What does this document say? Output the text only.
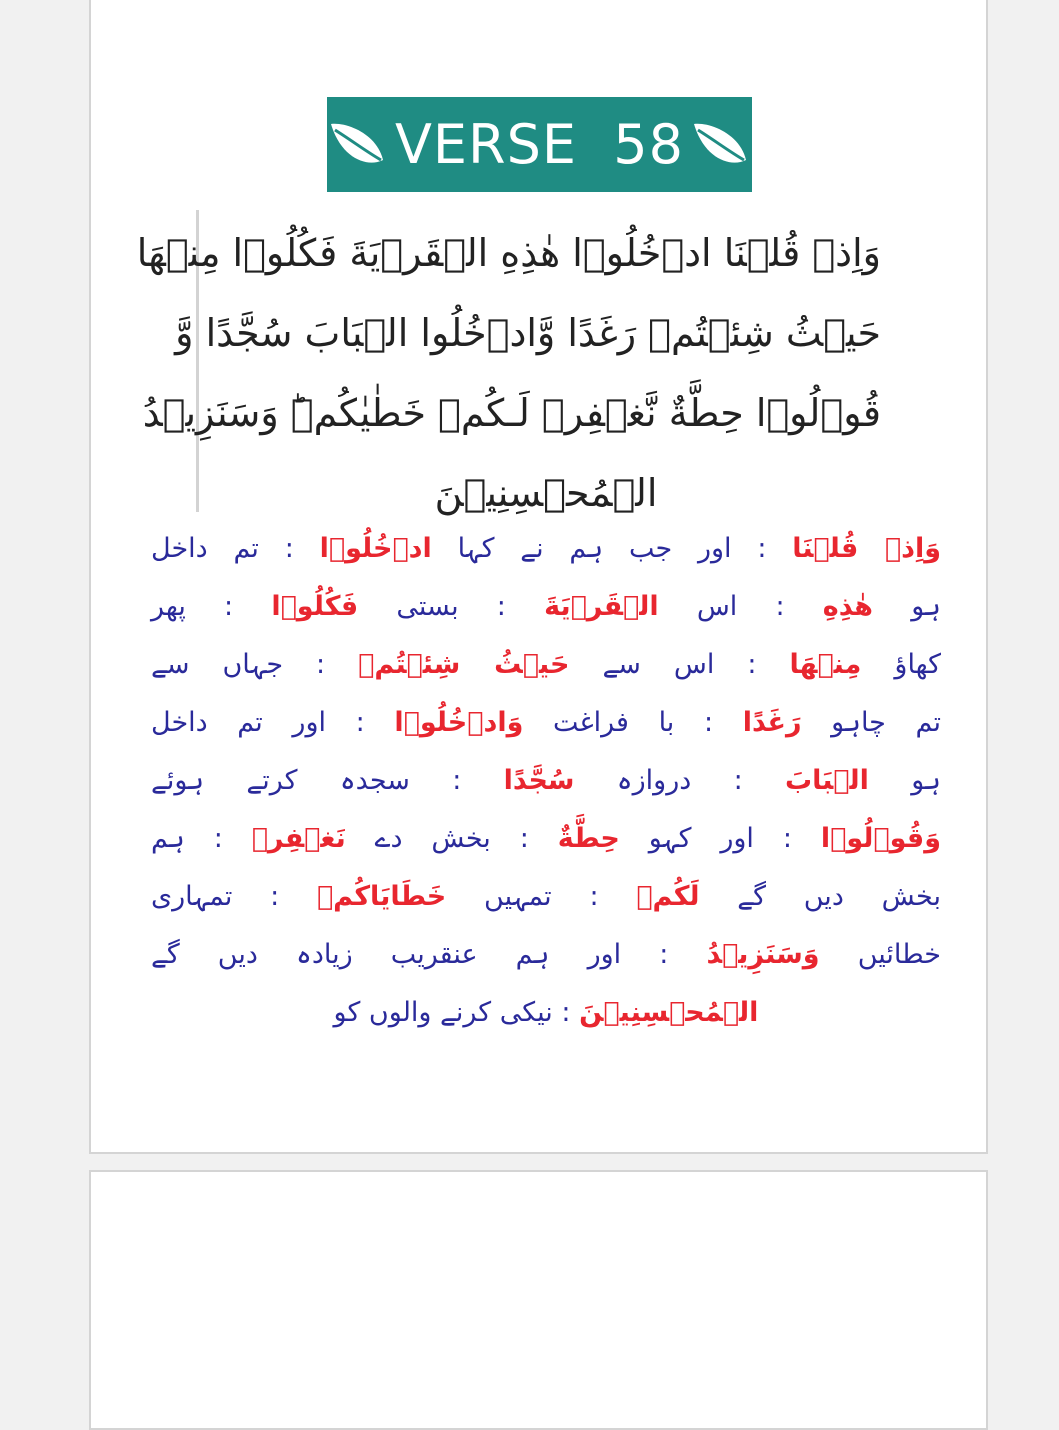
VERSE  58
وَاِذۡ قُلۡنَا ادۡخُلُوۡا هٰذِهِ الۡقَرۡيَةَ فَكُلُوۡا مِنۡهَا
حَيۡثُ شِئۡتُمۡ رَغَدًا وَّادۡخُلُوا الۡبَابَ سُجَّدًا وَّ
قُوۡلُوۡا حِطَّةٌ نَّغۡفِرۡ لَـكُمۡ خَطٰيٰكُمۡ‌ؕ وَسَنَزِيۡدُ
الۡمُحۡسِنِيۡنَ
وَاِذۡ قُلۡنَا : اور جب ہم نے کہا ادۡخُلُوۡا : تم داخل
ہو هٰذِهِ : اس الۡقَرۡيَةَ : بستی فَكُلُوۡا : پھر
کھاؤ مِنۡهَا : اس سے حَيۡثُ شِئۡتُمۡ : جہاں سے
تم چاہو رَغَدًا : با فراغت وَادۡخُلُوۡا : اور تم داخل
ہو الۡبَابَ : دروازہ سُجَّدًا : سجدہ کرتے ہوئے
وَقُوۡلُوۡا : اور کہو حِطَّةٌ : بخش دے نَغۡفِرۡ : ہم
بخش دیں گے لَكُمۡ : تمہیں خَطَايَاكُمۡ : تمہاری
خطائیں وَسَنَزِيۡدُ : اور ہم عنقریب زیادہ دیں گے
الۡمُحۡسِنِيۡنَ : نیکی کرنے والوں کو
